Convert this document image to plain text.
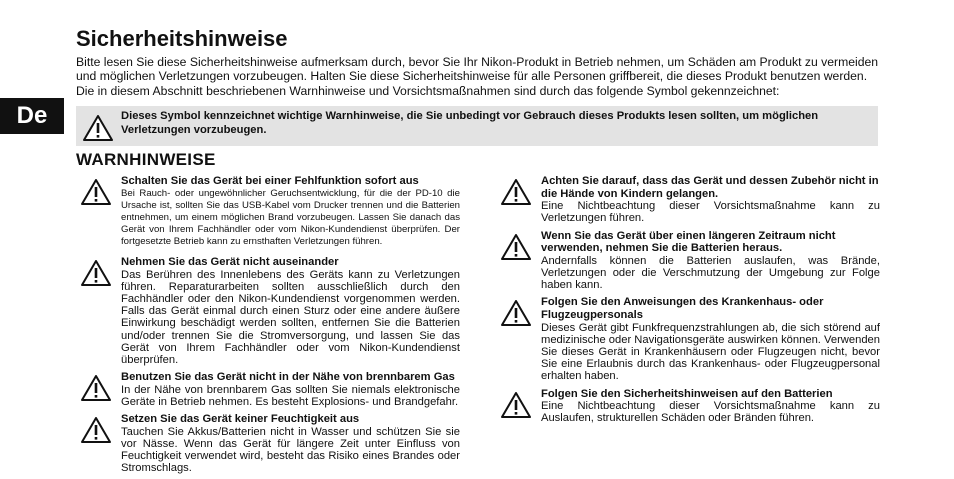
De
Sicherheitshinweise

Bitte lesen Sie diese Sicherheitshinweise aufmerksam durch, bevor Sie Ihr Nikon-Produkt in Betrieb nehmen, um Schäden am Produkt zu vermeiden und möglichen Verletzungen vorzubeugen. Halten Sie diese Sicherheitshinweise für alle Personen griffbereit, die dieses Produkt benutzen werden. Die in diesem Abschnitt beschriebenen Warnhinweise und Vorsichtsmaßnahmen sind durch das folgende Symbol gekennzeichnet:

Dieses Symbol kennzeichnet wichtige Warnhinweise, die Sie unbedingt vor Gebrauch dieses Produkts lesen sollten, um möglichen Verletzungen vorzubeugen.

WARNHINWEISE
Schalten Sie das Gerät bei einer Fehlfunktion sofort aus

Bei Rauch- oder ungewöhnlicher Geruchsentwicklung, für die der PD-10 die Ursache ist, sollten Sie das USB-Kabel vom Drucker trennen und die Batterien entnehmen, um einem möglichen Brand vorzubeugen. Lassen Sie danach das Gerät von Ihrem Fachhändler oder vom Nikon-Kundendienst überprüfen. Der fortgesetzte Betrieb kann zu ernsthaften Verletzungen führen.

Nehmen Sie das Gerät nicht auseinander

Das Berühren des Innenlebens des Geräts kann zu Verletzungen führen. Reparaturarbeiten sollten ausschließlich durch den Fachhändler oder den Nikon-Kundendienst vorgenommen werden. Falls das Gerät einmal durch einen Sturz oder eine andere äußere Einwirkung beschädigt werden sollten, entfernen Sie die Batterien und/oder trennen Sie die Stromversorgung, und lassen Sie das Gerät von Ihrem Fachhändler oder vom Nikon-Kundendienst überprüfen.

Benutzen Sie das Gerät nicht in der Nähe von brennbarem Gas

In der Nähe von brennbarem Gas sollten Sie niemals elektronische Geräte in Betrieb nehmen. Es besteht Explosions- und Brandgefahr.

Setzen Sie das Gerät keiner Feuchtigkeit aus

Tauchen Sie Akkus/Batterien nicht in Wasser und schützen Sie sie vor Nässe. Wenn das Gerät für längere Zeit unter Einfluss von Feuchtigkeit verwendet wird, besteht das Risiko eines Brandes oder Stromschlags.

Achten Sie darauf, dass das Gerät und dessen Zubehör nicht in die Hände von Kindern gelangen.

Eine Nichtbeachtung dieser Vorsichtsmaßnahme kann zu Verletzungen führen.

Wenn Sie das Gerät über einen längeren Zeitraum nicht verwenden, nehmen Sie die Batterien heraus.

Andernfalls können die Batterien auslaufen, was Brände, Verletzungen oder die Verschmutzung der Umgebung zur Folge haben kann.

Folgen Sie den Anweisungen des Krankenhaus- oder Flugzeugpersonals

Dieses Gerät gibt Funkfrequenzstrahlungen ab, die sich störend auf medizinische oder Navigationsgeräte auswirken können. Verwenden Sie dieses Gerät in Krankenhäusern oder Flugzeugen nicht, bevor Sie eine Erlaubnis durch das Krankenhaus- oder Flugzeugpersonal erhalten haben.

Folgen Sie den Sicherheitshinweisen auf den Batterien

Eine Nichtbeachtung dieser Vorsichtsmaßnahme kann zu Auslaufen, strukturellen Schäden oder Bränden führen.
